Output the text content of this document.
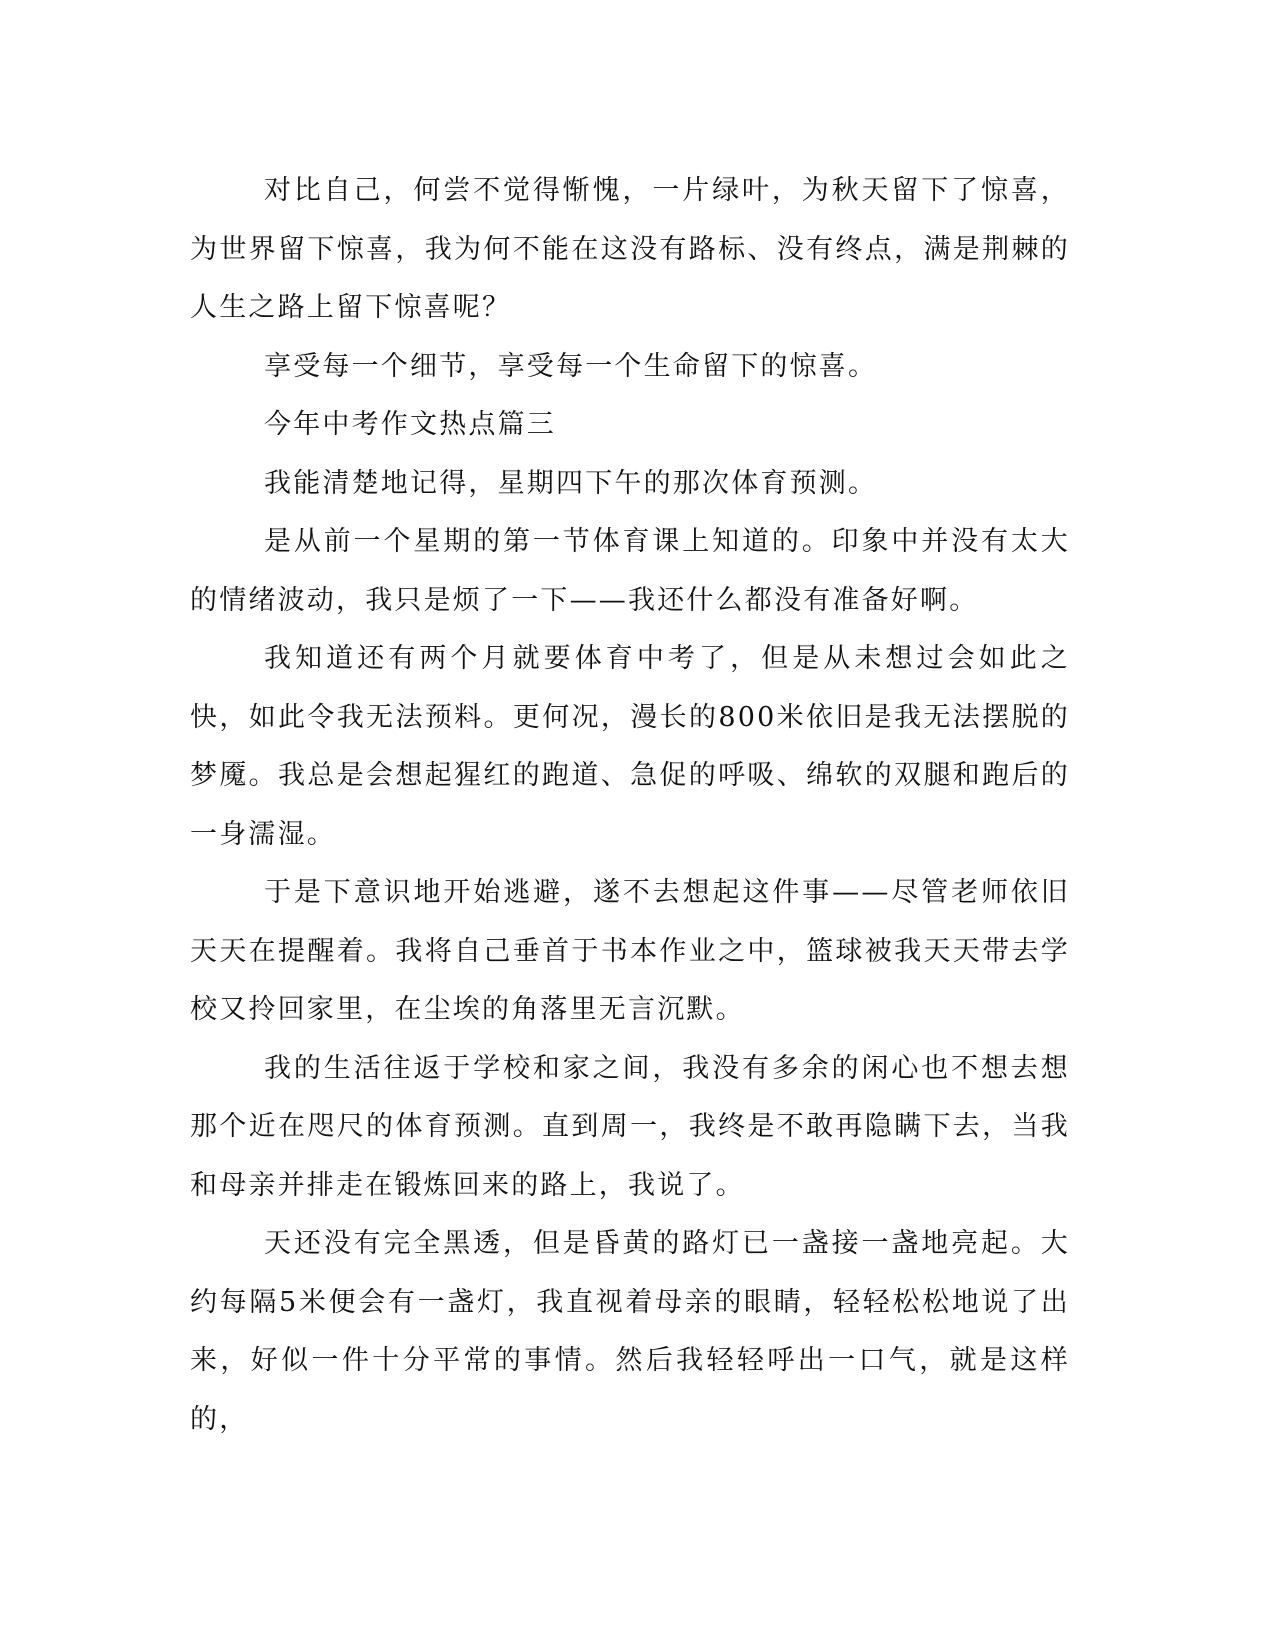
对比自己，何尝不觉得惭愧，一片绿叶，为秋天留下了惊喜，为世界留下惊喜，我为何不能在这没有路标、没有终点，满是荆棘的人生之路上留下惊喜呢？

享受每一个细节，享受每一个生命留下的惊喜。

今年中考作文热点篇三

我能清楚地记得，星期四下午的那次体育预测。

是从前一个星期的第一节体育课上知道的。印象中并没有太大的情绪波动，我只是烦了一下——我还什么都没有准备好啊。

我知道还有两个月就要体育中考了，但是从未想过会如此之快，如此令我无法预料。更何况，漫长的800米依旧是我无法摆脱的梦魇。我总是会想起猩红的跑道、急促的呼吸、绵软的双腿和跑后的一身濡湿。

于是下意识地开始逃避，遂不去想起这件事——尽管老师依旧天天在提醒着。我将自己垂首于书本作业之中，篮球被我天天带去学校又拎回家里，在尘埃的角落里无言沉默。

我的生活往返于学校和家之间，我没有多余的闲心也不想去想那个近在咫尺的体育预测。直到周一，我终是不敢再隐瞒下去，当我和母亲并排走在锻炼回来的路上，我说了。

天还没有完全黑透，但是昏黄的路灯已一盏接一盏地亮起。大约每隔5米便会有一盏灯，我直视着母亲的眼睛，轻轻松松地说了出来，好似一件十分平常的事情。然后我轻轻呼出一口气，就是这样的，
